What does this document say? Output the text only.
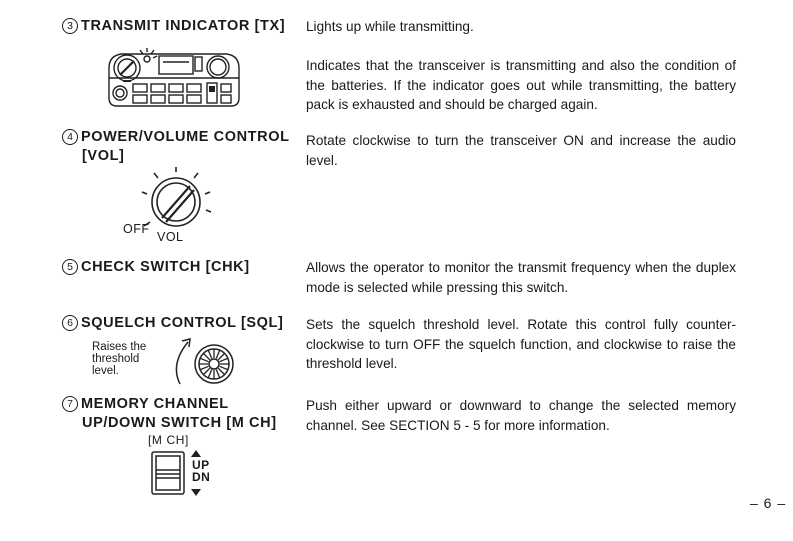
3 TRANSMIT INDICATOR [TX] Lights up while transmitting.

Indicates that the transceiver is transmitting and also the condition of the batteries. If the indicator goes out while transmitting, the battery pack is exhausted and should be charged again.

4 POWER/VOLUME CONTROL
[VOL]

Rotate clockwise to turn the transceiver ON and increase the audio level.

OFF
VOL
5 CHECK SWITCH [CHK]	Allows the operator to monitor the transmit frequency when the duplex mode is selected while pressing this switch.

6 SQUELCH CONTROL [SQL] Sets the squelch threshold level. Rotate this control fully counter-clockwise to turn OFF the squelch function, and clockwise to raise the threshold level.

Raises the
threshold
level.
7 MEMORY CHANNEL
UP/DOWN SWITCH [M CH]

Push either upward or downward to change the selected memory channel. See SECTION 5 - 5 for more information.

[M CH]
UP
DN
– 6 –
